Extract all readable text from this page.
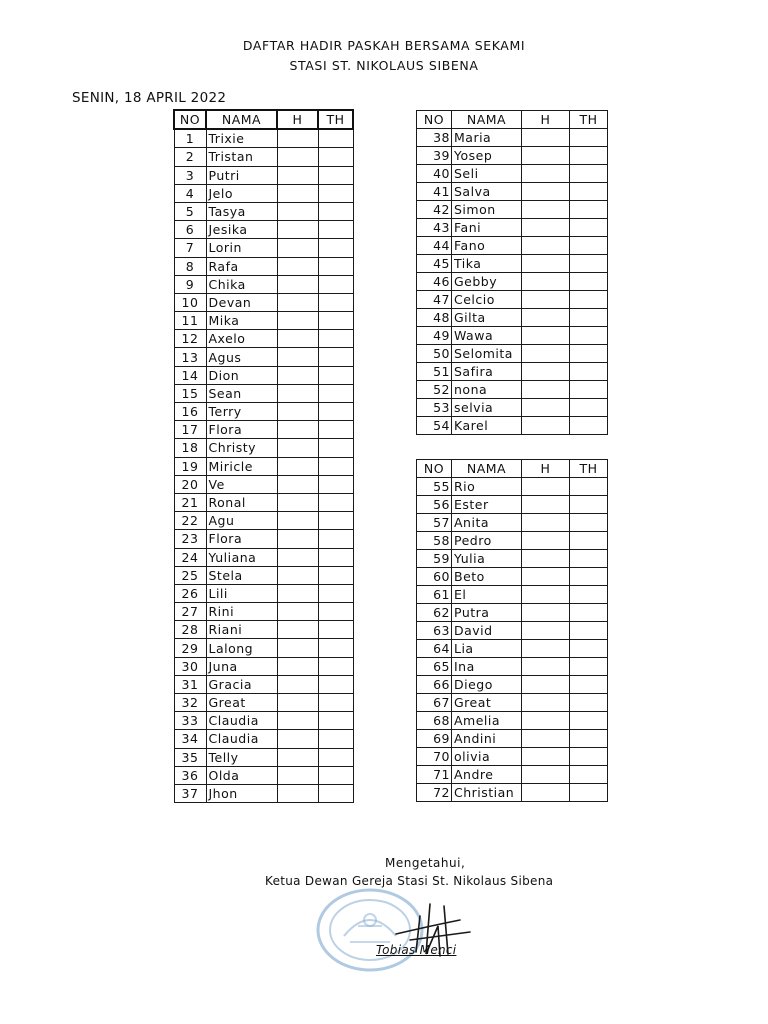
DAFTAR HADIR PASKAH BERSAMA SEKAMI
STASI ST. NIKOLAUS SIBENA
SENIN, 18 APRIL 2022
NO	NAMA	H	TH
1	Trixie		
2	Tristan		
3	Putri		
4	Jelo		
5	Tasya		
6	Jesika		
7	Lorin		
8	Rafa		
9	Chika		
10	Devan		
11	Mika		
12	Axelo		
13	Agus		
14	Dion		
15	Sean		
16	Terry		
17	Flora		
18	Christy		
19	Miricle		
20	Ve		
21	Ronal		
22	Agu		
23	Flora		
24	Yuliana		
25	Stela		
26	Lili		
27	Rini		
28	Riani		
29	Lalong		
30	Juna		
31	Gracia		
32	Great		
33	Claudia		
34	Claudia		
35	Telly		
36	Olda		
37	Jhon		
NO	NAMA	H	TH
38	Maria		
39	Yosep		
40	Seli		
41	Salva		
42	Simon		
43	Fani		
44	Fano		
45	Tika		
46	Gebby		
47	Celcio		
48	Gilta		
49	Wawa		
50	Selomita		
51	Safira		
52	nona		
53	selvia		
54	Karel		
NO	NAMA	H	TH
55	Rio		
56	Ester		
57	Anita		
58	Pedro		
59	Yulia		
60	Beto		
61	El		
62	Putra		
63	David		
64	Lia		
65	Ina		
66	Diego		
67	Great		
68	Amelia		
69	Andini		
70	olivia		
71	Andre		
72	Christian		
Mengetahui,
Ketua Dewan Gereja Stasi St. Nikolaus Sibena
Tobias Menci
